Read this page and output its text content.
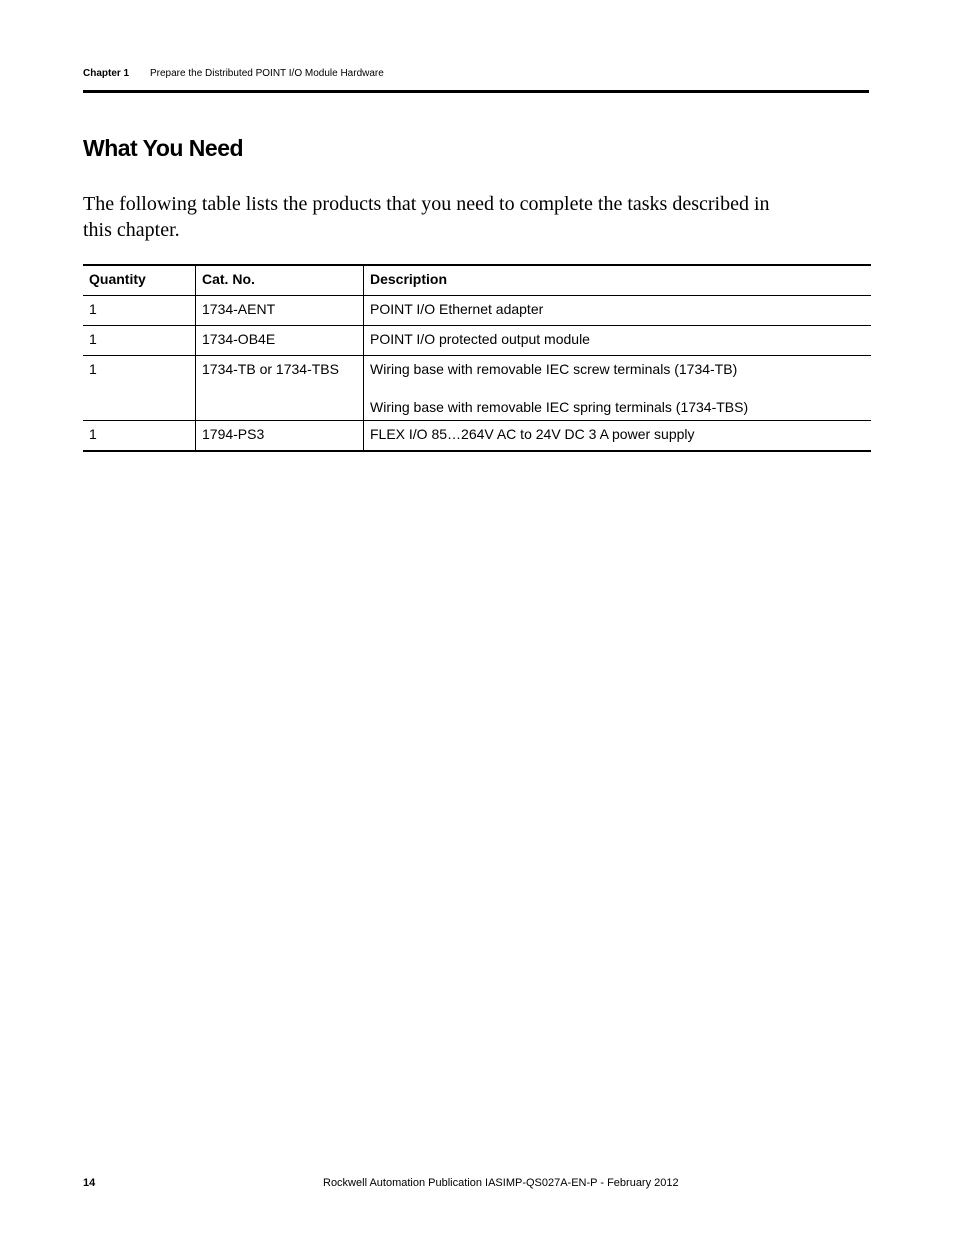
Chapter 1 Prepare the Distributed POINT I/O Module Hardware
What You Need

The following table lists the products that you need to complete the tasks described in this chapter.

Quantity	Cat. No.	Description
1	1734-AENT	POINT I/O Ethernet adapter
1	1734-OB4E	POINT I/O protected output module
1	1734-TB or 1734-TBS	Wiring base with removable IEC screw terminals (1734-TB)
Wiring base with removable IEC spring terminals (1734-TBS)

1	1794-PS3	FLEX I/O 85…264V AC to 24V DC 3 A power supply
14	Rockwell Automation Publication IASIMP-QS027A-EN-P - February 2012
